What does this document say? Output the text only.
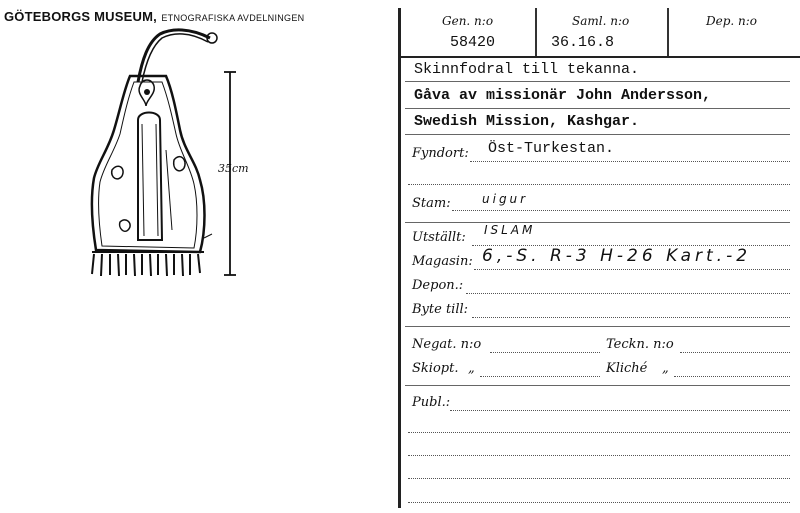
GÖTEBORGS MUSEUM, ETNOGRAFISKA AVDELNINGEN
35cm
Gen. n:o	Saml. n:o	Dep. n:o
58420	36.16.8
Skinnfodral till tekanna.
Gåva av missionär John Andersson,
Swedish Mission, Kashgar.
Fyndort: Öst-Turkestan.
Stam:	uigur
Utställt: ISLAM
Magasin: 6,-S. R-3 H-26 Kart.-2
Depon.:
Byte till:
Negat. n:o	Teckn. n:o
Skiopt. „	Kliché „
Publ.:
